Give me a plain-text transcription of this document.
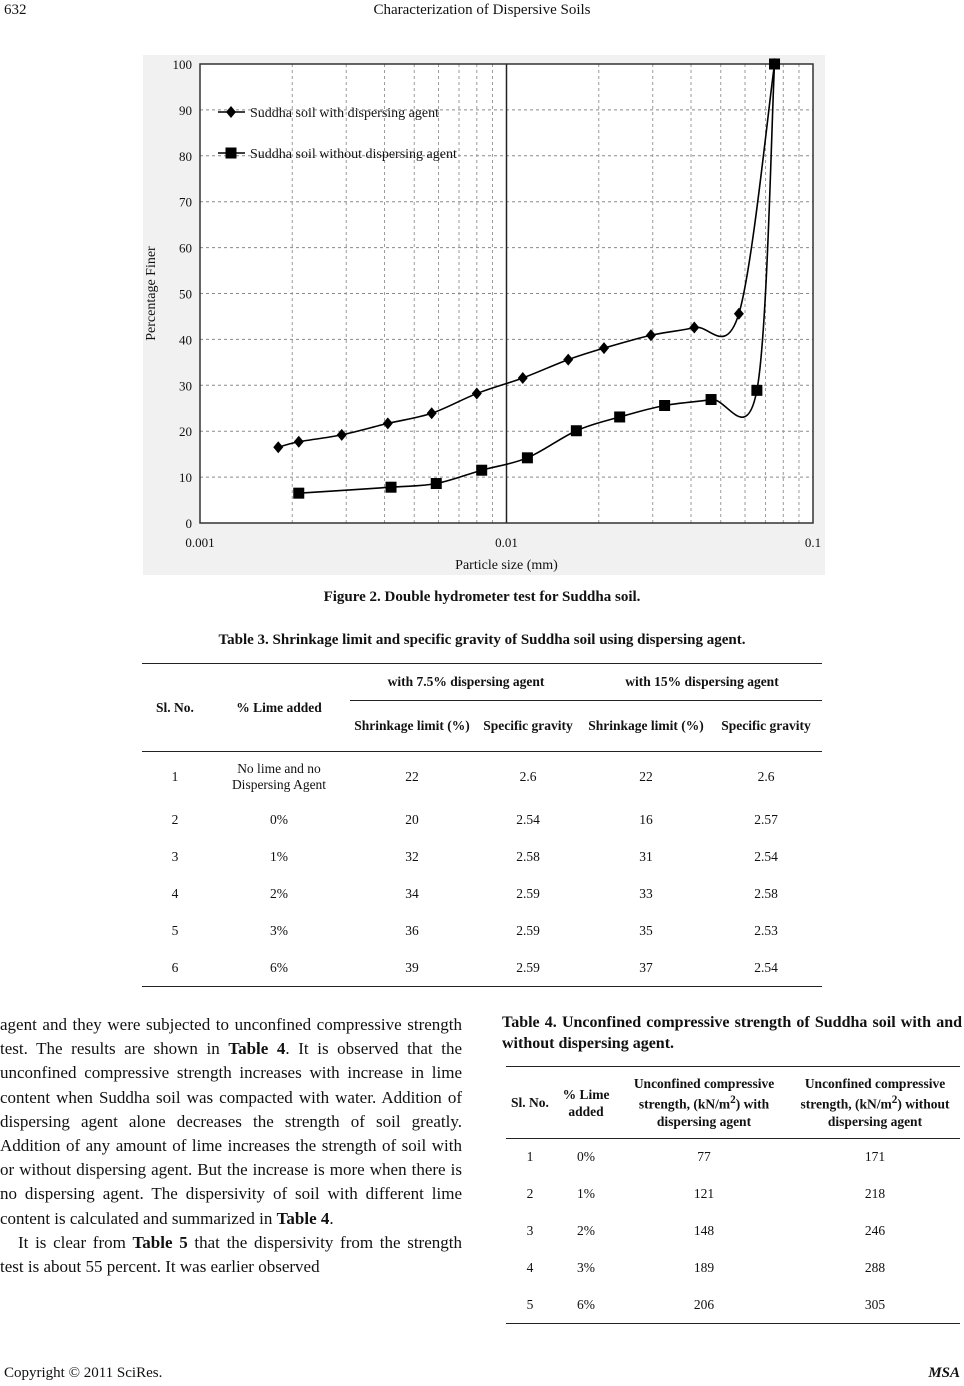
632	Characterization of Dispersive Soils
0
10
20
30
40
50
60
70
80
90
100
0.001	0.01	0.1
Particle size (mm)
Percentage Finer
Suddha soil with dispersing agent
Suddha soil without dispersing agent
Figure 2. Double hydrometer test for Suddha soil.
Table 3. Shrinkage limit and specific gravity of Suddha soil using dispersing agent.
Sl. No.	% Lime added	with 7.5% dispersing agent		with 15% dispersing agent	
		Shrinkage limit (%)	Specific gravity	Shrinkage limit (%)	Specific gravity
1	No lime and no Dispersing Agent	22	2.6	22	2.6
2	0%	20	2.54	16	2.57
3	1%	32	2.58	31	2.54
4	2%	34	2.59	33	2.58
5	3%	36	2.59	35	2.53
6	6%	39	2.59	37	2.54

agent and they were subjected to unconfined compressive strength test. The results are shown in Table 4. It is observed that the unconfined compressive strength increases with increase in lime content when Suddha soil was compacted with water. Addition of dispersing agent alone decreases the strength of soil greatly. Addition of any amount of lime increases the strength of soil with or without dispersing agent. But the increase is more when there is no dispersing agent. The dispersivity of soil with different lime content is calculated and summarized in Table 4.

It is clear from Table 5 that the dispersivity from the strength test is about 55 percent. It was earlier observed

Table 4. Unconfined compressive strength of Suddha soil with and without dispersing agent.
Sl. No.	% Lime added	Unconfined compressive strength, $(kN/m^2)$ with dispersing agent	Unconfined compressive strength, $(kN/m^2)$ without dispersing agent
1	0%	77	171
2	1%	121	218
3	2%	148	246
4	3%	189	288
5	6%	206	305
Copyright © 2011 SciRes.	MSA
